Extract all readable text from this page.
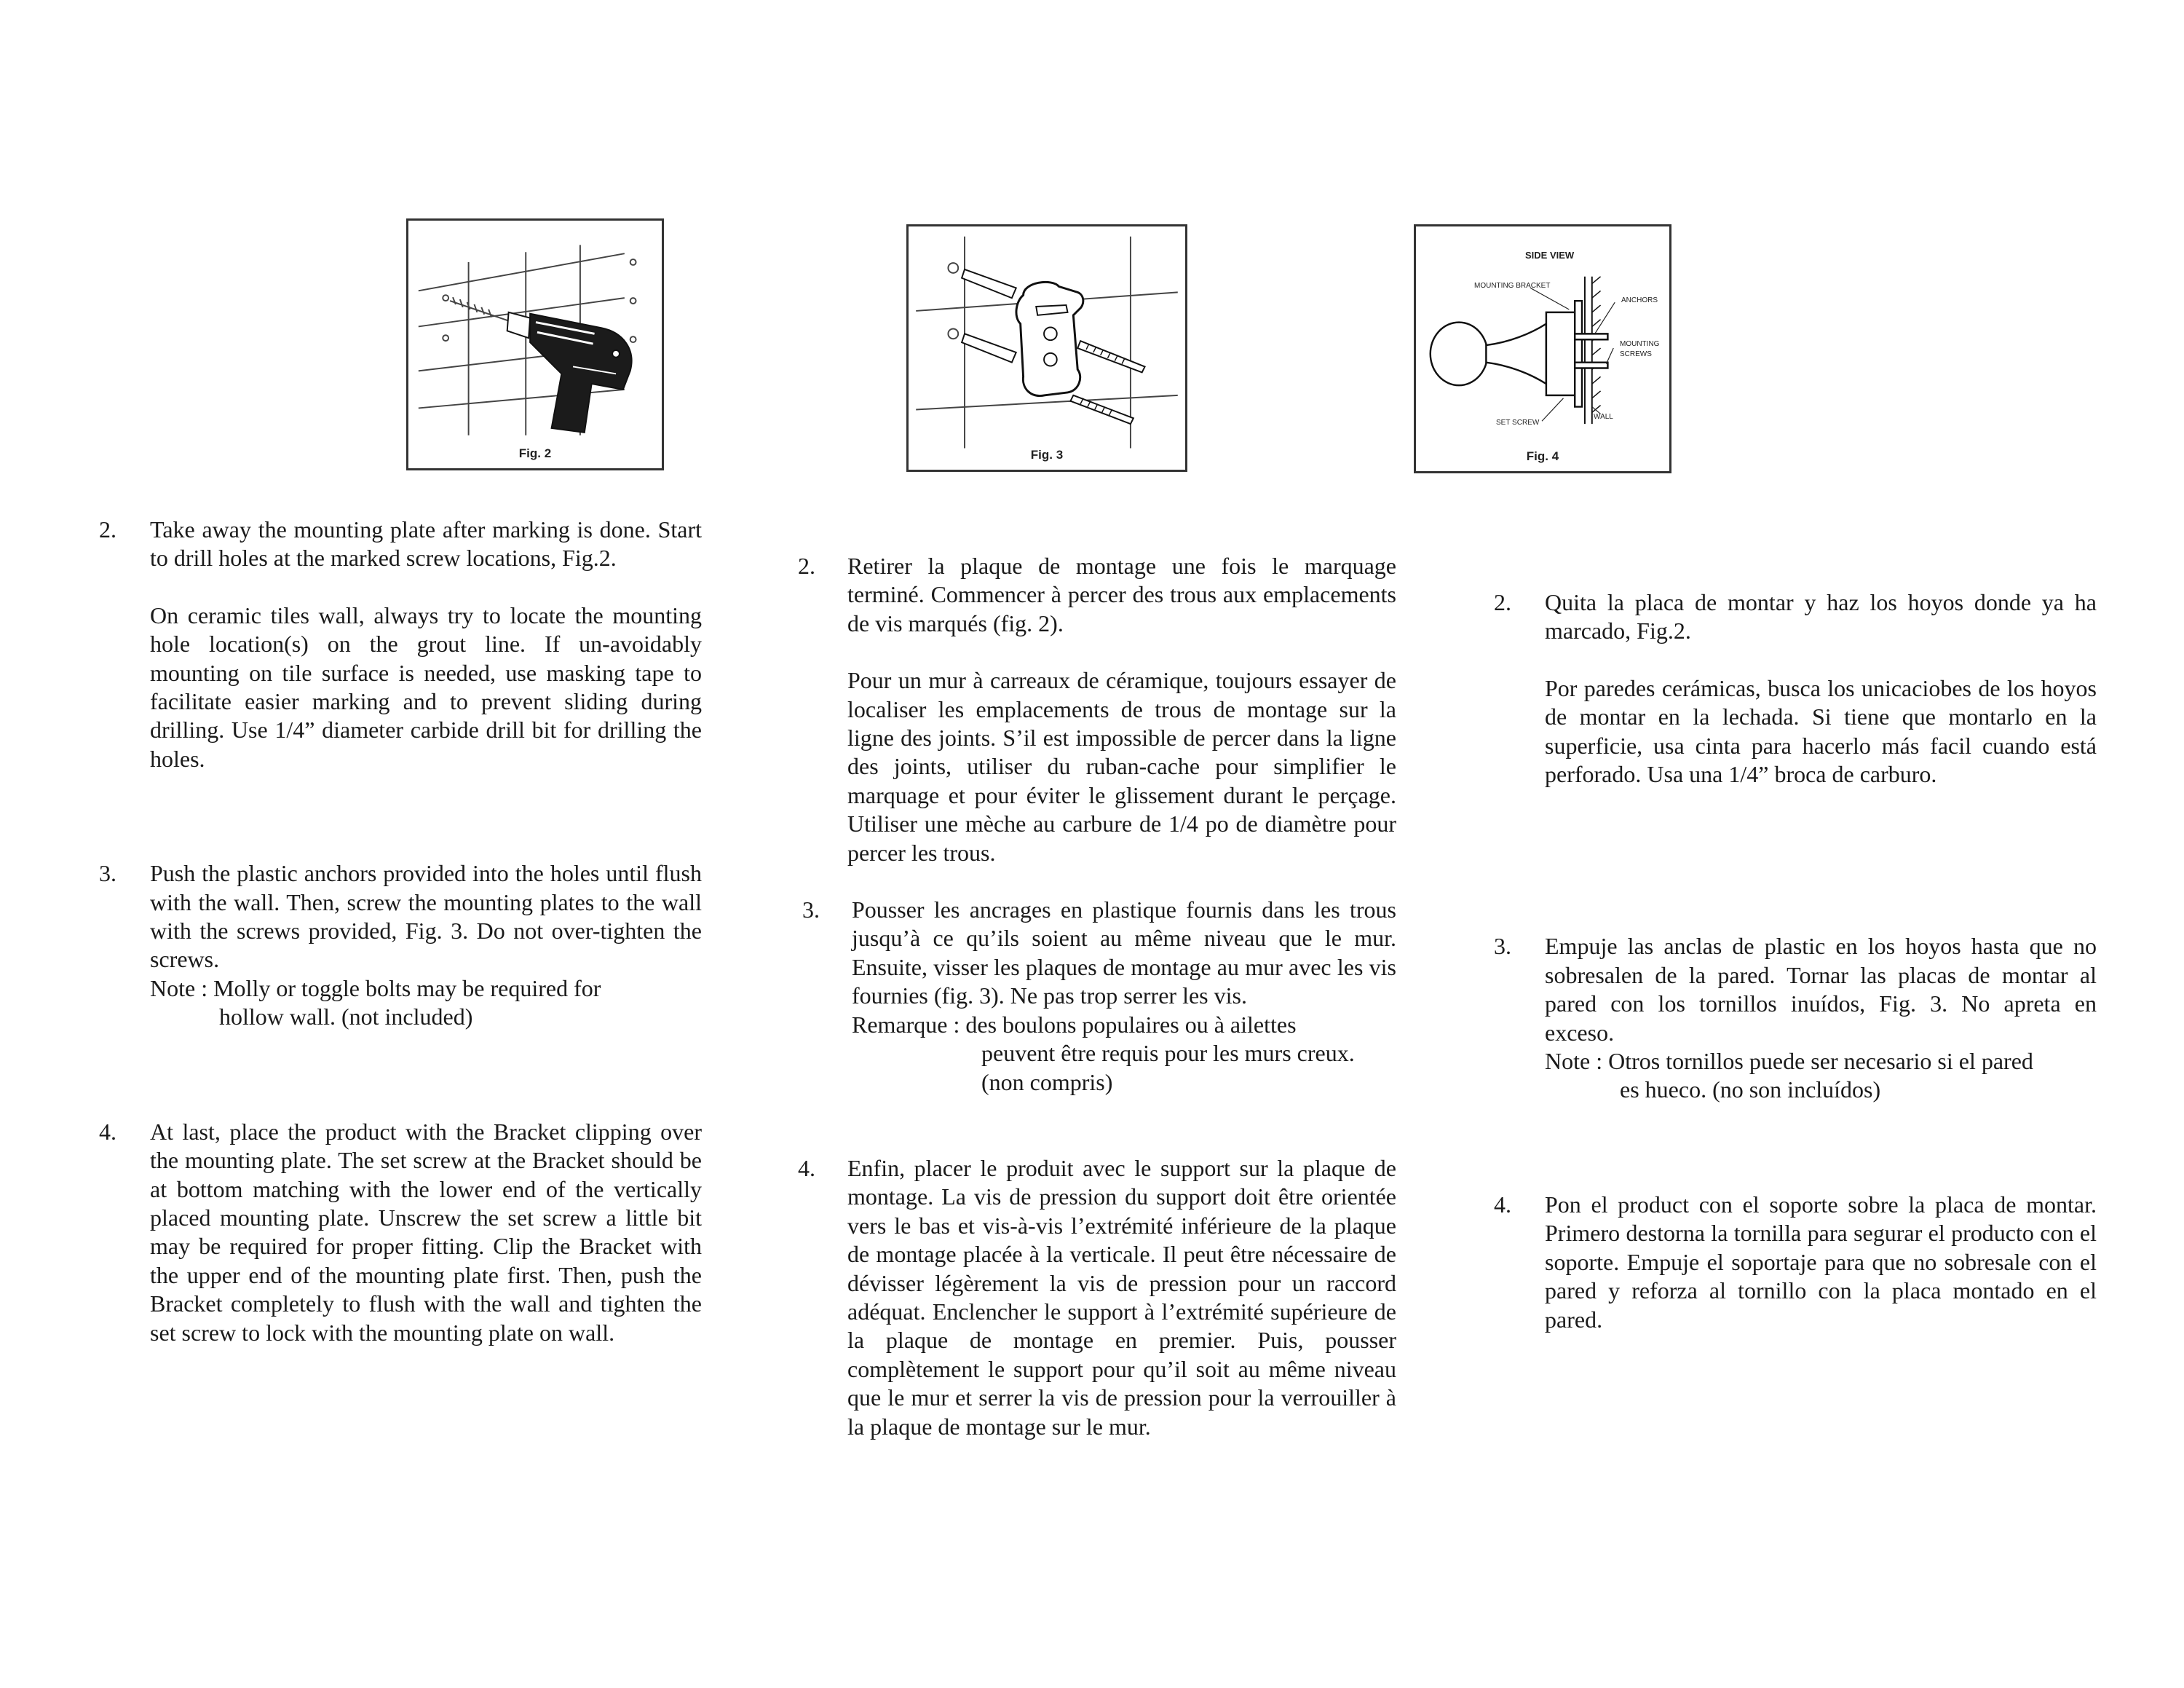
Fig. 2	Fig. 3
SIDE VIEW
MOUNTING BRACKET
ANCHORS
MOUNTING
SCREWS
SET SCREW
WALL
Fig. 4
2. Take away the mounting plate after marking is done. Start to drill holes at the marked screw locations, Fig.2.
On ceramic tiles wall, always try to locate the mounting hole location(s) on the grout line. If un-avoidably mounting on tile surface is needed, use masking tape to facilitate easier marking and to prevent sliding during drilling. Use 1/4” diameter carbide drill bit for drilling the holes.
3. Push the plastic anchors provided into the holes until flush with the wall. Then, screw the mounting plates to the wall with the screws provided, Fig. 3. Do not over-tighten the screws.
Note : Molly or toggle bolts may be required for
hollow wall. (not included)
4. At last, place the product with the Bracket clipping over the mounting plate. The set screw at the Bracket should be at bottom matching with the lower end of the vertically placed mounting plate. Unscrew the set screw a little bit may be required for proper fitting. Clip the Bracket with the upper end of the mounting plate first. Then, push the Bracket completely to flush with the wall and tighten the set screw to lock with the mounting plate on wall.
2. Retirer la plaque de montage une fois le marquage terminé. Commencer à percer des trous aux emplacements de vis marqués (fig. 2).
Pour un mur à carreaux de céramique, toujours essayer de localiser les emplacements de trous de montage sur la ligne des joints. S’il est impossible de percer dans la ligne des joints, utiliser du ruban-cache pour simplifier le marquage et pour éviter le glissement durant le perçage. Utiliser une mèche au carbure de 1/4 po de diamètre pour percer les trous.
3. Pousser les ancrages en plastique fournis dans les trous jusqu’à ce qu’ils soient au même niveau que le mur. Ensuite, visser les plaques de montage au mur avec les vis fournies (fig. 3). Ne pas trop serrer les vis.
Remarque : des boulons populaires ou à ailettes
peuvent être requis pour les murs creux.
(non compris)
4. Enfin, placer le produit avec le support sur la plaque de montage. La vis de pression du support doit être orientée vers le bas et vis-à-vis l’extrémité inférieure de la plaque de montage placée à la verticale. Il peut être nécessaire de dévisser légèrement la vis de pression pour un raccord adéquat. Enclencher le support à l’extrémité supérieure de la plaque de montage en premier. Puis, pousser complètement le support pour qu’il soit au même niveau que le mur et serrer la vis de pression pour la verrouiller à la plaque de montage sur le mur.
2. Quita la placa de montar y haz los hoyos donde ya ha marcado, Fig.2.
Por paredes cerámicas, busca los unicaciobes de los hoyos de montar en la lechada. Si tiene que montarlo en la superficie, usa cinta para hacerlo más facil cuando está perforado. Usa una 1/4” broca de carburo.
3. Empuje las anclas de plastic en los hoyos hasta que no sobresalen de la pared. Tornar las placas de montar al pared con los tornillos inuídos, Fig. 3. No apreta en exceso.
Note : Otros tornillos puede ser necesario si el pared
es hueco. (no son incluídos)
4. Pon el product con el soporte sobre la placa de montar. Primero destorna la tornilla para segurar el producto con el soporte. Empuje el soportaje para que no sobresale con el pared y reforza al tornillo con la placa montado en el pared.
